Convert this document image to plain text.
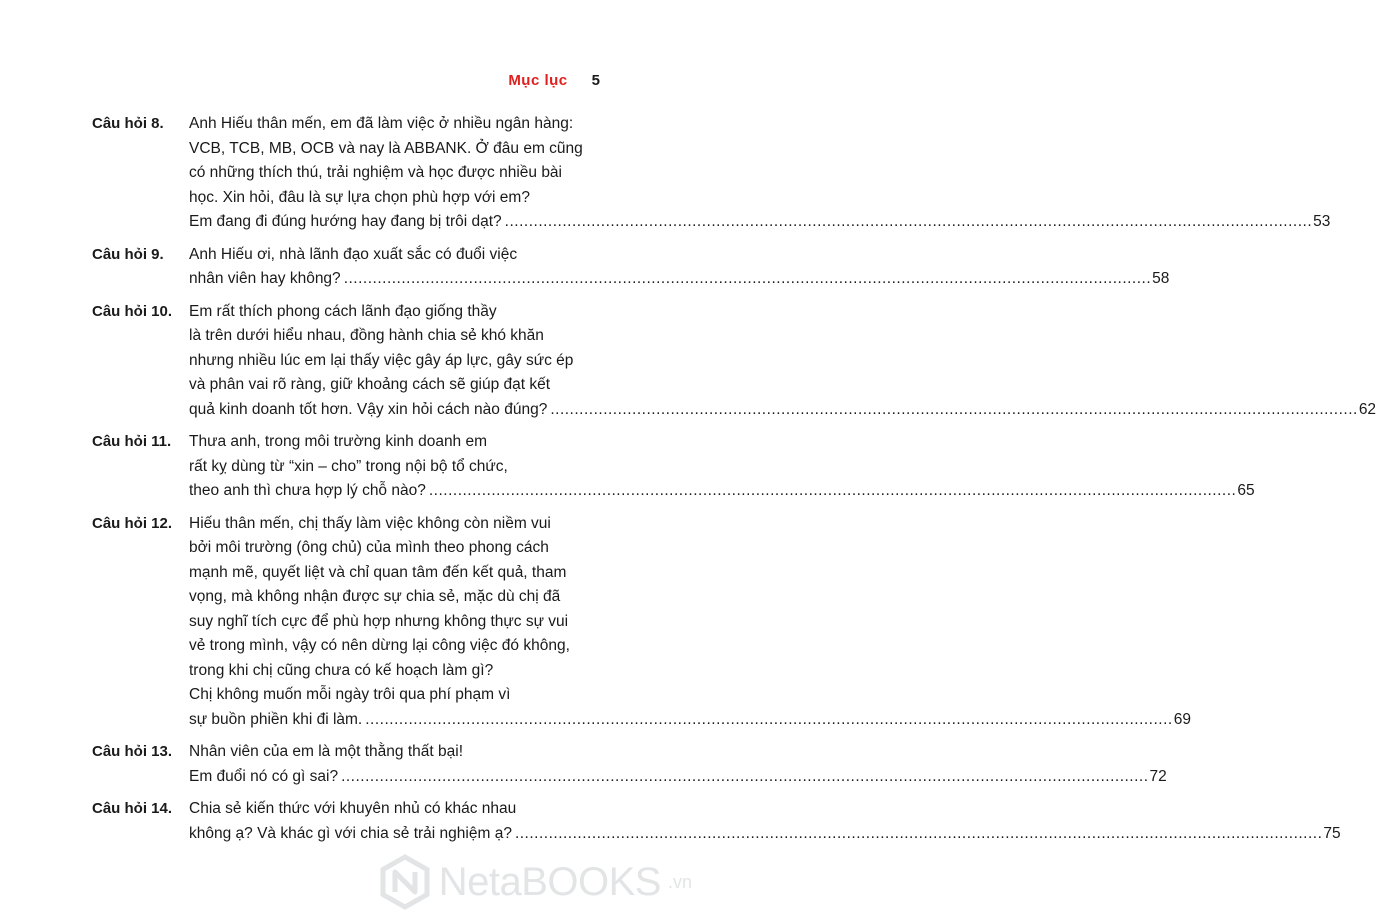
Mục lục 5
Câu hỏi 8.	Anh Hiếu thân mến, em đã làm việc ở nhiều ngân hàng:
VCB, TCB, MB, OCB và nay là ABBANK. Ở đâu em cũng
có những thích thú, trải nghiệm và học được nhiều bài
học. Xin hỏi, đâu là sự lựa chọn phù hợp với em?
Em đang đi đúng hướng hay đang bị trôi dạt? .....	53
Câu hỏi 9.	Anh Hiếu ơi, nhà lãnh đạo xuất sắc có đuổi việc
nhân viên hay không? .....	58
Câu hỏi 10.	Em rất thích phong cách lãnh đạo giống thầy
là trên dưới hiểu nhau, đồng hành chia sẻ khó khăn
nhưng nhiều lúc em lại thấy việc gây áp lực, gây sức ép
và phân vai rõ ràng, giữ khoảng cách sẽ giúp đạt kết
quả kinh doanh tốt hơn. Vậy xin hỏi cách nào đúng? .....	62
Câu hỏi 11.	Thưa anh, trong môi trường kinh doanh em
rất kỵ dùng từ “xin – cho” trong nội bộ tổ chức,
theo anh thì chưa hợp lý chỗ nào? .....	65
Câu hỏi 12.	Hiếu thân mến, chị thấy làm việc không còn niềm vui
bởi môi trường (ông chủ) của mình theo phong cách
mạnh mẽ, quyết liệt và chỉ quan tâm đến kết quả, tham
vọng, mà không nhận được sự chia sẻ, mặc dù chị đã
suy nghĩ tích cực để phù hợp nhưng không thực sự vui
vẻ trong mình, vậy có nên dừng lại công việc đó không,
trong khi chị cũng chưa có kế hoạch làm gì?
Chị không muốn mỗi ngày trôi qua phí phạm vì
sự buồn phiền khi đi làm. .....	69
Câu hỏi 13.	Nhân viên của em là một thằng thất bại!
Em đuổi nó có gì sai? .....	72
Câu hỏi 14.	Chia sẻ kiến thức với khuyên nhủ có khác nhau
không ạ? Và khác gì với chia sẻ trải nghiệm ạ? .....	75
NetaBOOKS .vn
